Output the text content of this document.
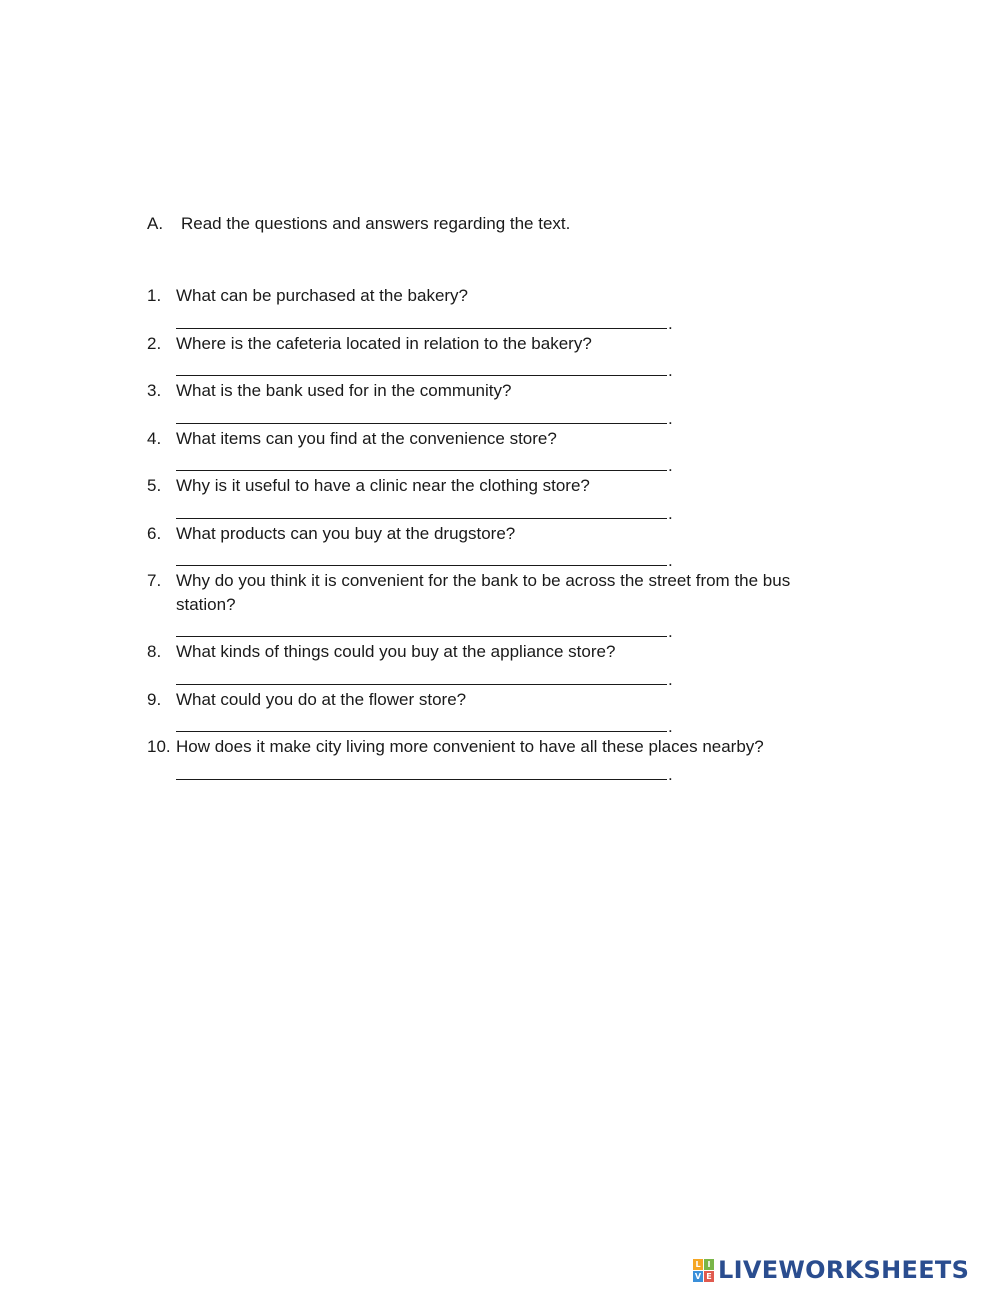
A. Read the questions and answers regarding the text.
1. What can be purchased at the bakery?
.
2. Where is the cafeteria located in relation to the bakery?
.
3. What is the bank used for in the community?
.
4. What items can you find at the convenience store?
.
5. Why is it useful to have a clinic near the clothing store?
.
6. What products can you buy at the drugstore?
.
7. Why do you think it is convenient for the bank to be across the street from the bus station?
.
8. What kinds of things could you buy at the appliance store?
.
9. What could you do at the flower store?
.
10. How does it make city living more convenient to have all these places nearby?
.
L I
V E LIVEWORKSHEETS
